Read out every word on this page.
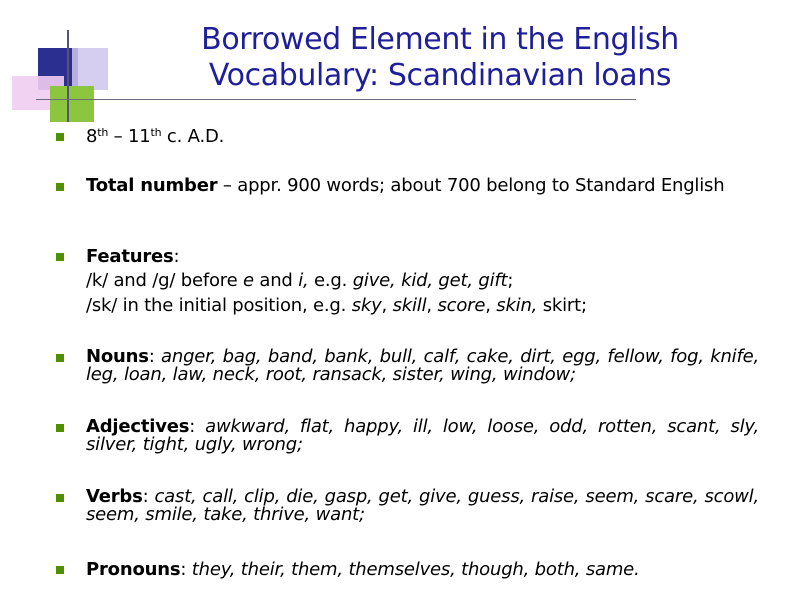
Borrowed Element in the English
Vocabulary: Scandinavian loans
8th – 11th c. A.D.
Total number – appr. 900 words; about 700 belong to Standard English
Features:
/k/ and /g/ before e and i, e.g. give, kid, get, gift;
/sk/ in the initial position, e.g. sky, skill, score, skin, skirt;
Nouns: anger, bag, band, bank, bull, calf, cake, dirt, egg, fellow, fog, knife, leg, loan, law, neck, root, ransack, sister, wing, window;
Adjectives: awkward, flat, happy, ill, low, loose, odd, rotten, scant, sly, silver, tight, ugly, wrong;
Verbs: cast, call, clip, die, gasp, get, give, guess, raise, seem, scare, scowl, seem, smile, take, thrive, want;
Pronouns: they, their, them, themselves, though, both, same.
